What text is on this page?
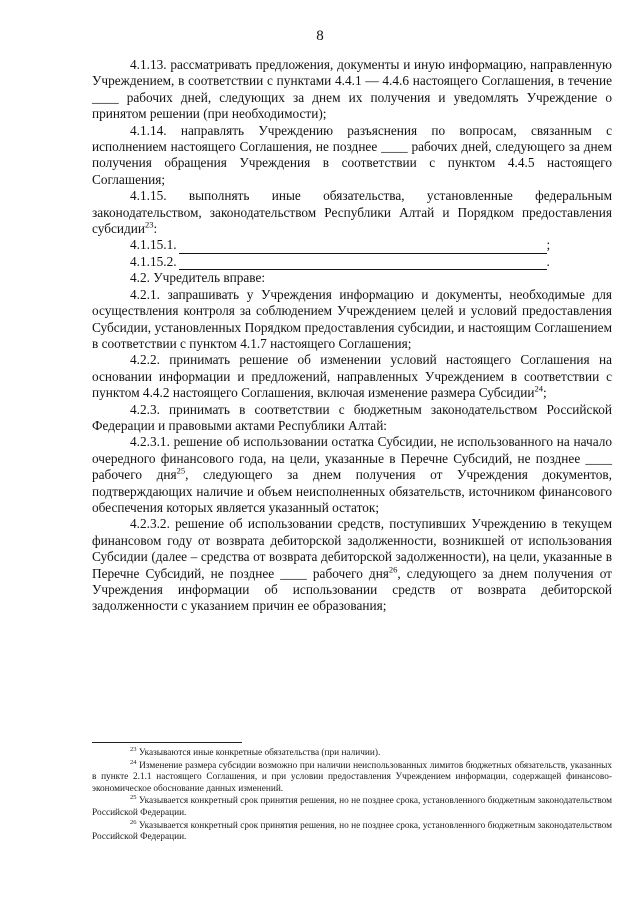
8

4.1.13. рассматривать предложения, документы и иную информацию, направленную Учреждением, в соответствии с пунктами 4.4.1 — 4.4.6 настоящего Соглашения, в течение ____ рабочих дней, следующих за днем их получения и уведомлять Учреждение о принятом решении (при необходимости);

4.1.14. направлять Учреждению разъяснения по вопросам, связанным с исполнением настоящего Соглашения, не позднее ____ рабочих дней, следующего за днем получения обращения Учреждения в соответствии с пунктом 4.4.5 настоящего Соглашения;

4.1.15. выполнять иные обязательства, установленные федеральным законодательством, законодательством Республики Алтай и Порядком предоставления субсидии$^{23}$:

4.1.15.1.	;
4.1.15.2.	.

4.2. Учредитель вправе:

4.2.1. запрашивать у Учреждения информацию и документы, необходимые для осуществления контроля за соблюдением Учреждением целей и условий предоставления Субсидии, установленных Порядком предоставления субсидии, и настоящим Соглашением в соответствии с пунктом 4.1.7 настоящего Соглашения;

4.2.2. принимать решение об изменении условий настоящего Соглашения на основании информации и предложений, направленных Учреждением в соответствии с пунктом 4.4.2 настоящего Соглашения, включая изменение размера Субсидии$^{24}$;

4.2.3. принимать в соответствии с бюджетным законодательством Российской Федерации и правовыми актами Республики Алтай:

4.2.3.1. решение об использовании остатка Субсидии, не использованного на начало очередного финансового года, на цели, указанные в Перечне Субсидий, не позднее ____ рабочего дня$^{25}$, следующего за днем получения от Учреждения документов, подтверждающих наличие и объем неисполненных обязательств, источником финансового обеспечения которых является указанный остаток;

4.2.3.2. решение об использовании средств, поступивших Учреждению в текущем финансовом году от возврата дебиторской задолженности, возникшей от использования Субсидии (далее – средства от возврата дебиторской задолженности), на цели, указанные в Перечне Субсидий, не позднее ____ рабочего дня$^{26}$, следующего за днем получения от Учреждения информации об использовании средств от возврата дебиторской задолженности с указанием причин ее образования;

$^{23}$ Указываются иные конкретные обязательства (при наличии).

$^{24}$ Изменение размера субсидии возможно при наличии неиспользованных лимитов бюджетных обязательств, указанных в пункте 2.1.1 настоящего Соглашения, и при условии предоставления Учреждением информации, содержащей финансово-экономическое обоснование данных изменений.

$^{25}$ Указывается конкретный срок принятия решения, но не позднее срока, установленного бюджетным законодательством Российской Федерации.

$^{26}$ Указывается конкретный срок принятия решения, но не позднее срока, установленного бюджетным законодательством Российской Федерации.
